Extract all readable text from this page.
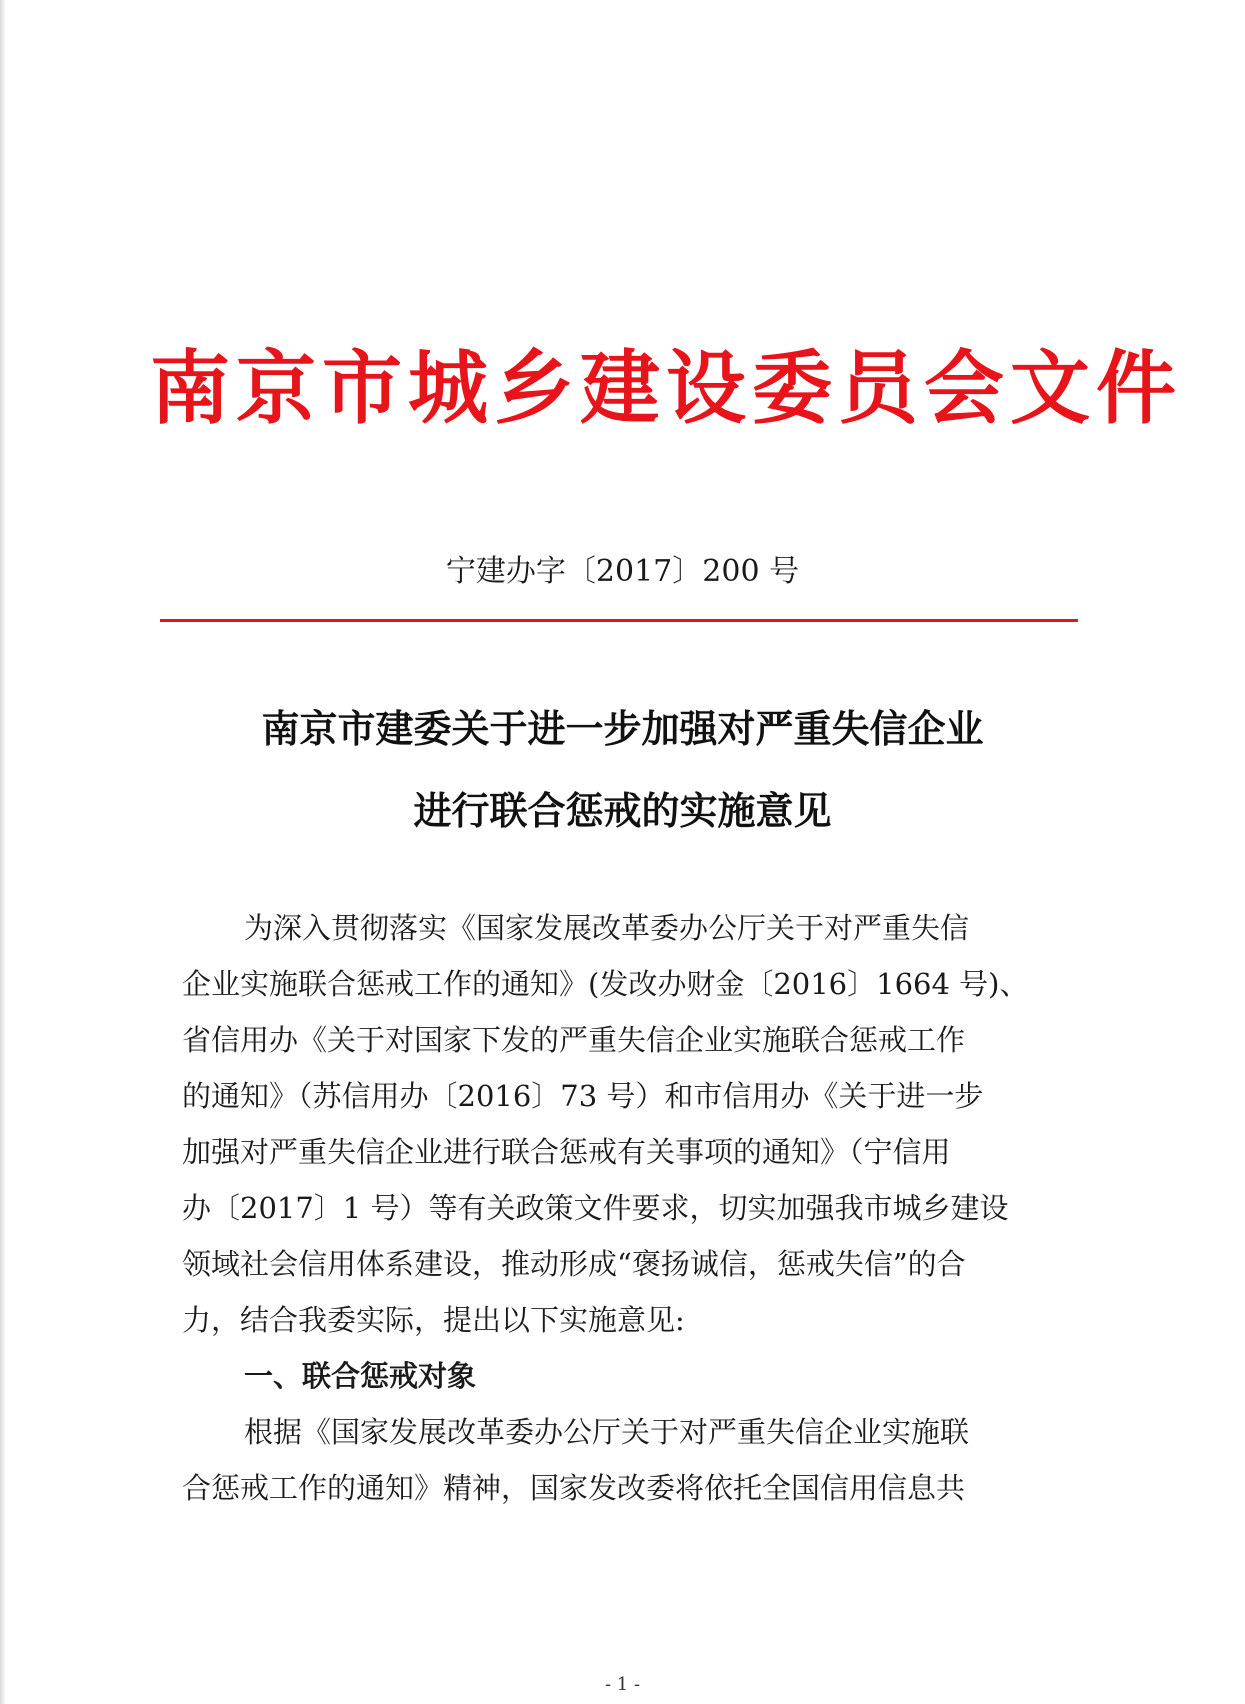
南京市城乡建设委员会文件
宁建办字〔2017〕200 号
南京市建委关于进一步加强对严重失信企业
进行联合惩戒的实施意见
为深入贯彻落实《国家发展改革委办公厅关于对严重失信
企业实施联合惩戒工作的通知》(发改办财金〔2016〕1664 号)、
省信用办《关于对国家下发的严重失信企业实施联合惩戒工作
的通知》（苏信用办〔2016〕73 号）和市信用办《关于进一步
加强对严重失信企业进行联合惩戒有关事项的通知》（宁信用
办〔2017〕1 号）等有关政策文件要求，切实加强我市城乡建设
领域社会信用体系建设，推动形成“褒扬诚信，惩戒失信”的合
力，结合我委实际，提出以下实施意见:
一、联合惩戒对象
根据《国家发展改革委办公厅关于对严重失信企业实施联
合惩戒工作的通知》精神，国家发改委将依托全国信用信息共
- 1 -
